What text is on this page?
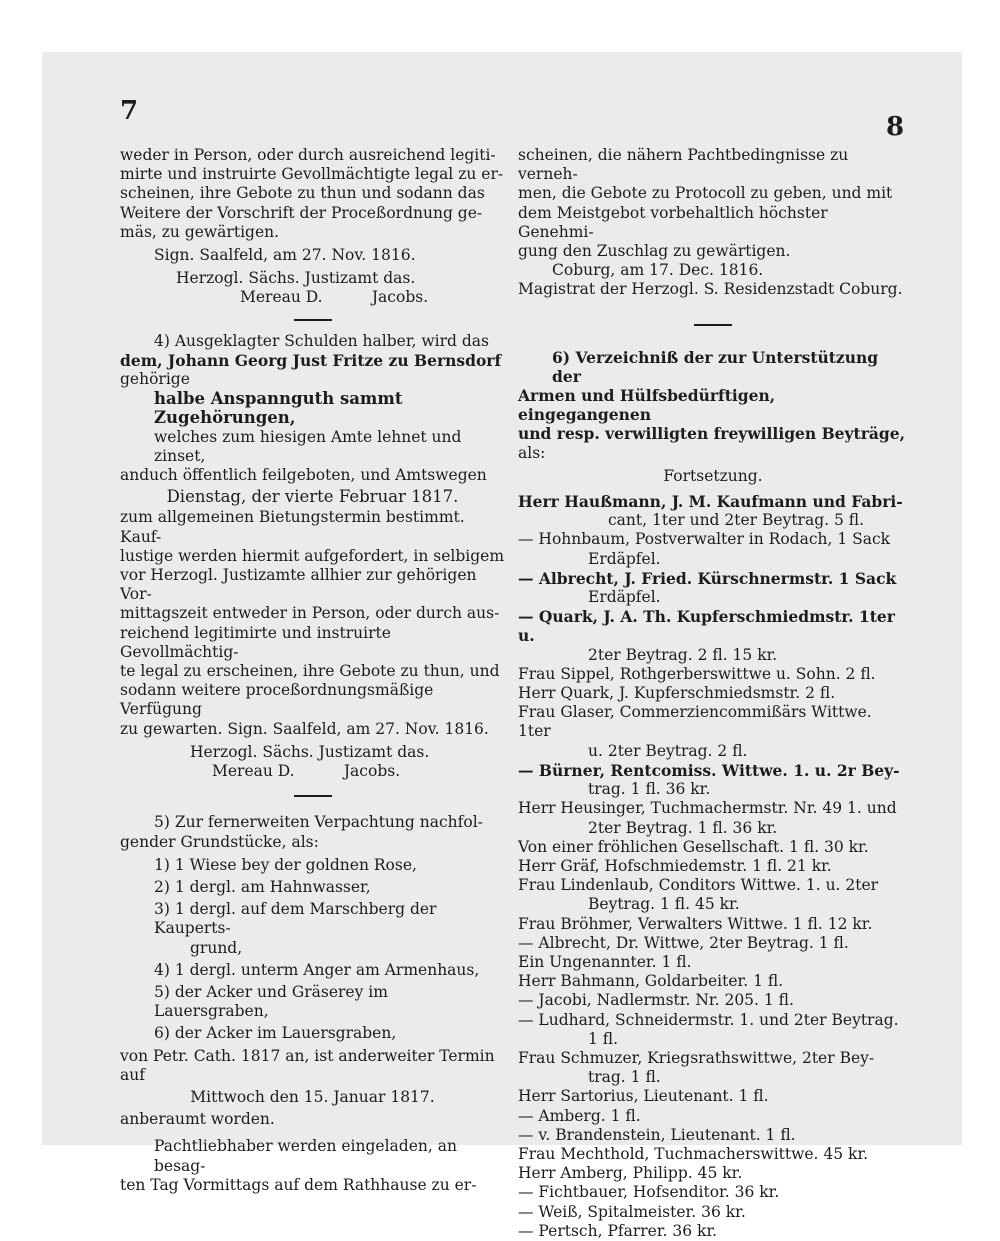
7
8

weder in Person, oder durch ausreichend legiti-

mirte und instruirte Gevollmächtigte legal zu er-

scheinen, ihre Gebote zu thun und sodann das

Weitere der Vorschrift der Proceßordnung ge-

mäs, zu gewärtigen.

Sign. Saalfeld, am 27. Nov. 1816.

Herzogl. Sächs. Justizamt das.

Mereau D.          Jacobs.

4) Ausgeklagter Schulden halber, wird das

dem, Johann Georg Just Fritze zu Bernsdorf

gehörige

halbe Anspannguth sammt Zugehörungen,

welches zum hiesigen Amte lehnet und zinset,

anduch öffentlich feilgeboten, und Amtswegen

Dienstag, der vierte Februar 1817.

zum allgemeinen Bietungstermin bestimmt. Kauf-

lustige werden hiermit aufgefordert, in selbigem

vor Herzogl. Justizamte allhier zur gehörigen Vor-

mittagszeit entweder in Person, oder durch aus-

reichend legitimirte und instruirte Gevollmächtig-

te legal zu erscheinen, ihre Gebote zu thun, und

sodann weitere proceßordnungsmäßige Verfügung

zu gewarten. Sign. Saalfeld, am 27. Nov. 1816.

Herzogl. Sächs. Justizamt das.

Mereau D.          Jacobs.

5) Zur fernerweiten Verpachtung nachfol-

gender Grundstücke, als:

1) 1 Wiese bey der goldnen Rose,

2) 1 dergl. am Hahnwasser,

3) 1 dergl. auf dem Marschberg der Kauperts-

grund,

4) 1 dergl. unterm Anger am Armenhaus,

5) der Acker und Gräserey im Lauersgraben,

6) der Acker im Lauersgraben,

von Petr. Cath. 1817 an, ist anderweiter Termin

auf

Mittwoch den 15. Januar 1817.

anberaumt worden.

Pachtliebhaber werden eingeladen, an besag-

ten Tag Vormittags auf dem Rathhause zu er-

scheinen, die nähern Pachtbedingnisse zu verneh-

men, die Gebote zu Protocoll zu geben, und mit

dem Meistgebot vorbehaltlich höchster Genehmi-

gung den Zuschlag zu gewärtigen.

Coburg, am 17. Dec. 1816.

Magistrat der Herzogl. S. Residenzstadt Coburg.

6) Verzeichniß der zur Unterstützung der

Armen und Hülfsbedürftigen, eingegangenen

und resp. verwilligten freywilligen Beyträge,

als:

Fortsetzung.

Herr Haußmann, J. M. Kaufmann und Fabri-

cant, 1ter und 2ter Beytrag. 5 fl.

— Hohnbaum, Postverwalter in Rodach, 1 Sack

Erdäpfel.

— Albrecht, J. Fried. Kürschnermstr. 1 Sack

Erdäpfel.

— Quark, J. A. Th. Kupferschmiedmstr. 1ter u.

2ter Beytrag. 2 fl. 15 kr.

Frau Sippel, Rothgerberswittwe u. Sohn. 2 fl.

Herr Quark, J. Kupferschmiedsmstr. 2 fl.

Frau Glaser, Commerziencommißärs Wittwe. 1ter

u. 2ter Beytrag. 2 fl.

— Bürner, Rentcomiss. Wittwe. 1. u. 2r Bey-

trag. 1 fl. 36 kr.

Herr Heusinger, Tuchmachermstr. Nr. 49 1. und

2ter Beytrag. 1 fl. 36 kr.

Von einer fröhlichen Gesellschaft. 1 fl. 30 kr.

Herr Gräf, Hofschmiedemstr. 1 fl. 21 kr.

Frau Lindenlaub, Conditors Wittwe. 1. u. 2ter

Beytrag. 1 fl. 45 kr.

Frau Bröhmer, Verwalters Wittwe. 1 fl. 12 kr.

— Albrecht, Dr. Wittwe, 2ter Beytrag. 1 fl.

Ein Ungenannter. 1 fl.

Herr Bahmann, Goldarbeiter. 1 fl.

— Jacobi, Nadlermstr. Nr. 205. 1 fl.

— Ludhard, Schneidermstr. 1. und 2ter Beytrag.

1 fl.

Frau Schmuzer, Kriegsrathswittwe, 2ter Bey-

trag. 1 fl.

Herr Sartorius, Lieutenant. 1 fl.

— Amberg. 1 fl.

— v. Brandenstein, Lieutenant. 1 fl.

Frau Mechthold, Tuchmacherswittwe. 45 kr.

Herr Amberg, Philipp. 45 kr.

— Fichtbauer, Hofsenditor. 36 kr.

— Weiß, Spitalmeister. 36 kr.

— Pertsch, Pfarrer. 36 kr.
